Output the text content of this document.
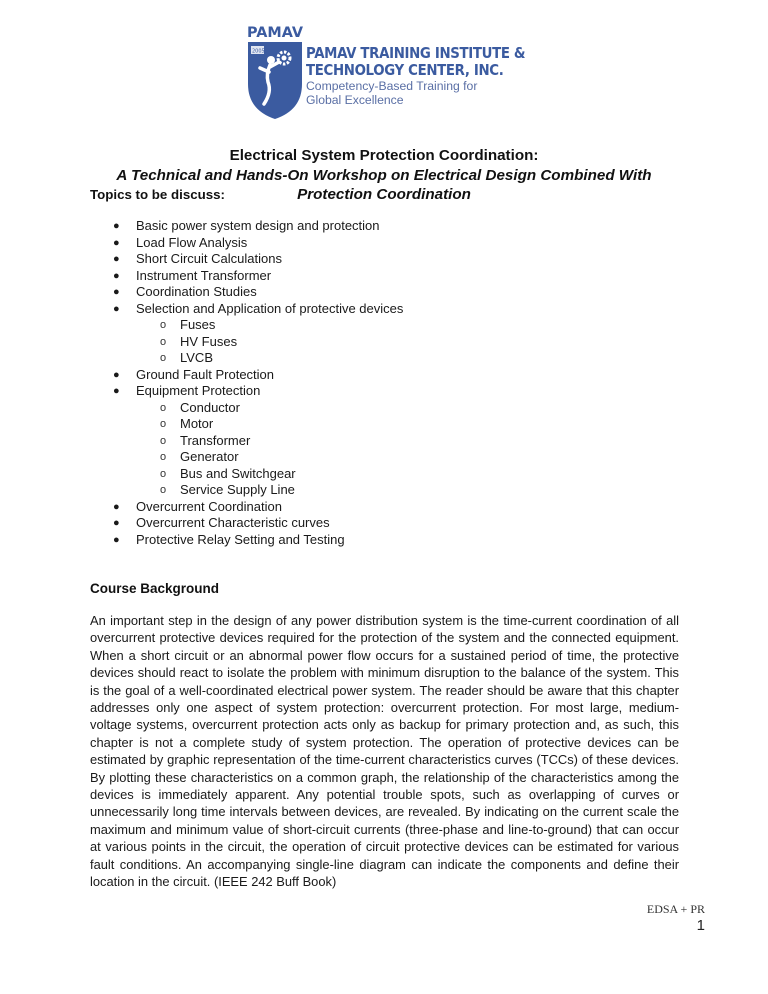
PAMAV
2005	PAMAV TRAINING INSTITUTE &
TECHNOLOGY CENTER, INC.
Competency-Based Training for
Global Excellence
Electrical System Protection Coordination:
A Technical and Hands-On Workshop on Electrical Design Combined With
Protection Coordination
Topics to be discuss:
● Basic power system design and protection
● Load Flow Analysis
● Short Circuit Calculations
● Instrument Transformer
● Coordination Studies
● Selection and Application of protective devices
o Fuses
o HV Fuses
o LVCB
● Ground Fault Protection
● Equipment Protection
o Conductor
o Motor
o Transformer
o Generator
o Bus and Switchgear
o Service Supply Line
● Overcurrent Coordination
● Overcurrent Characteristic curves
● Protective Relay Setting and Testing
Course Background

An important step in the design of any power distribution system is the time-current coordination of all overcurrent protective devices required for the protection of the system and the connected equipment. When a short circuit or an abnormal power flow occurs for a sustained period of time, the protective devices should react to isolate the problem with minimum disruption to the balance of the system. This is the goal of a well-coordinated electrical power system. The reader should be aware that this chapter addresses only one aspect of system protection: overcurrent protection. For most large, medium-voltage systems, overcurrent protection acts only as backup for primary protection and, as such, this chapter is not a complete study of system protection. The operation of protective devices can be estimated by graphic representation of the time-current characteristics curves (TCCs) of these devices. By plotting these characteristics on a common graph, the relationship of the characteristics among the devices is immediately apparent. Any potential trouble spots, such as overlapping of curves or unnecessarily long time intervals between devices, are revealed. By indicating on the current scale the maximum and minimum value of short-circuit currents (three-phase and line-to-ground) that can occur at various points in the circuit, the operation of circuit protective devices can be estimated for various fault conditions. An accompanying single-line diagram can indicate the components and define their location in the circuit. (IEEE 242 Buff Book)

EDSA + PR
1
